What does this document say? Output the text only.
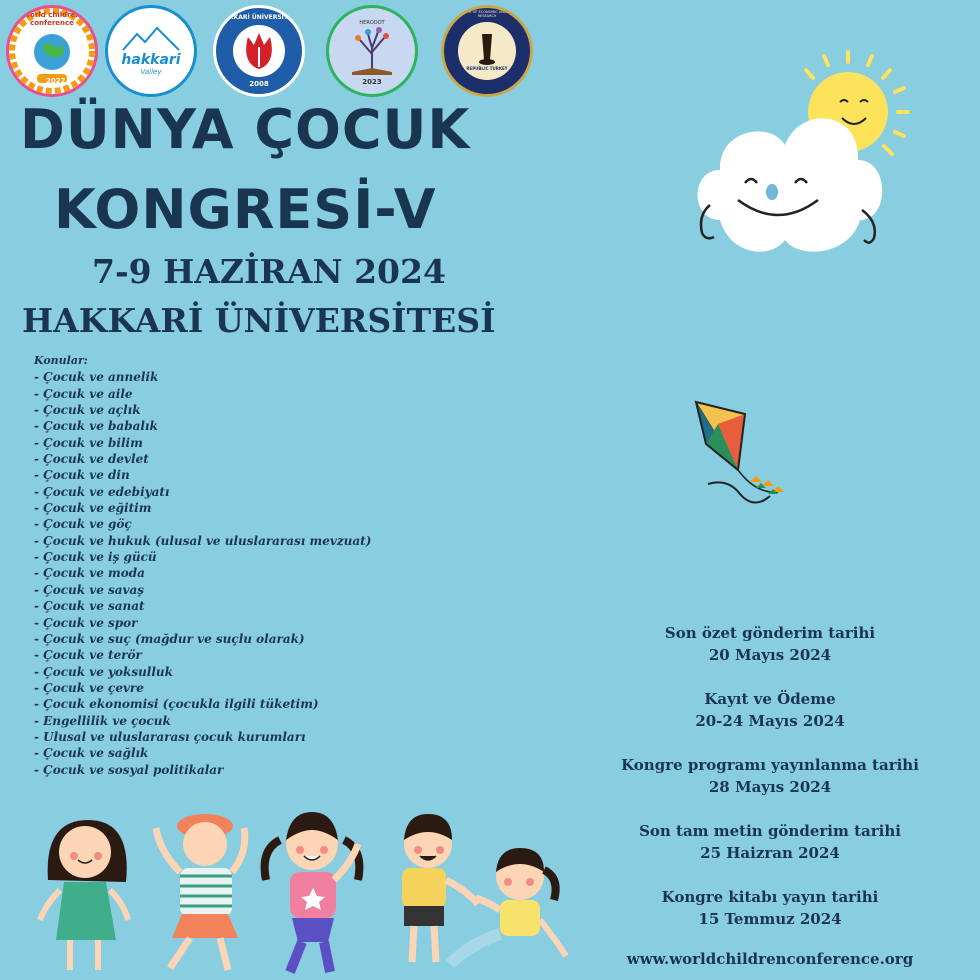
2022
world children conference
hakkari
Valley
HAKKARİ ÜNİVERSİTESİ
2008
HERODOT
2023
REPUBLIC TURKEY
INSTITUTE OF ECONOMIC AND SOCIAL RESEARCH
DÜNYA ÇOCUK
KONGRESİ-V
7-9 HAZİRAN 2024
HAKKARİ ÜNİVERSİTESİ
Konular:
- Çocuk ve annelik
- Çocuk ve aile
- Çocuk ve açlık
- Çocuk ve babalık
- Çocuk ve bilim
- Çocuk ve devlet
- Çocuk ve din
- Çocuk ve edebiyatı
- Çocuk ve eğitim
- Çocuk ve göç
- Çocuk ve hukuk (ulusal ve uluslararası mevzuat)
- Çocuk ve iş gücü
- Çocuk ve moda
- Çocuk ve savaş
- Çocuk ve sanat
- Çocuk ve spor
- Çocuk ve suç (mağdur ve suçlu olarak)
- Çocuk ve terör
- Çocuk ve yoksulluk
- Çocuk ve çevre
- Çocuk ekonomisi (çocukla ilgili tüketim)
- Engellilik ve çocuk
- Ulusal ve uluslararası çocuk kurumları
- Çocuk ve sağlık
- Çocuk ve sosyal politikalar
Son özet gönderim tarihi
20 Mayıs 2024
Kayıt ve Ödeme
20-24 Mayıs 2024
Kongre programı yayınlanma tarihi
28 Mayıs 2024
Son tam metin gönderim tarihi
25 Haizran 2024
Kongre kitabı yayın tarihi
15 Temmuz 2024
www.worldchildrenconference.org
